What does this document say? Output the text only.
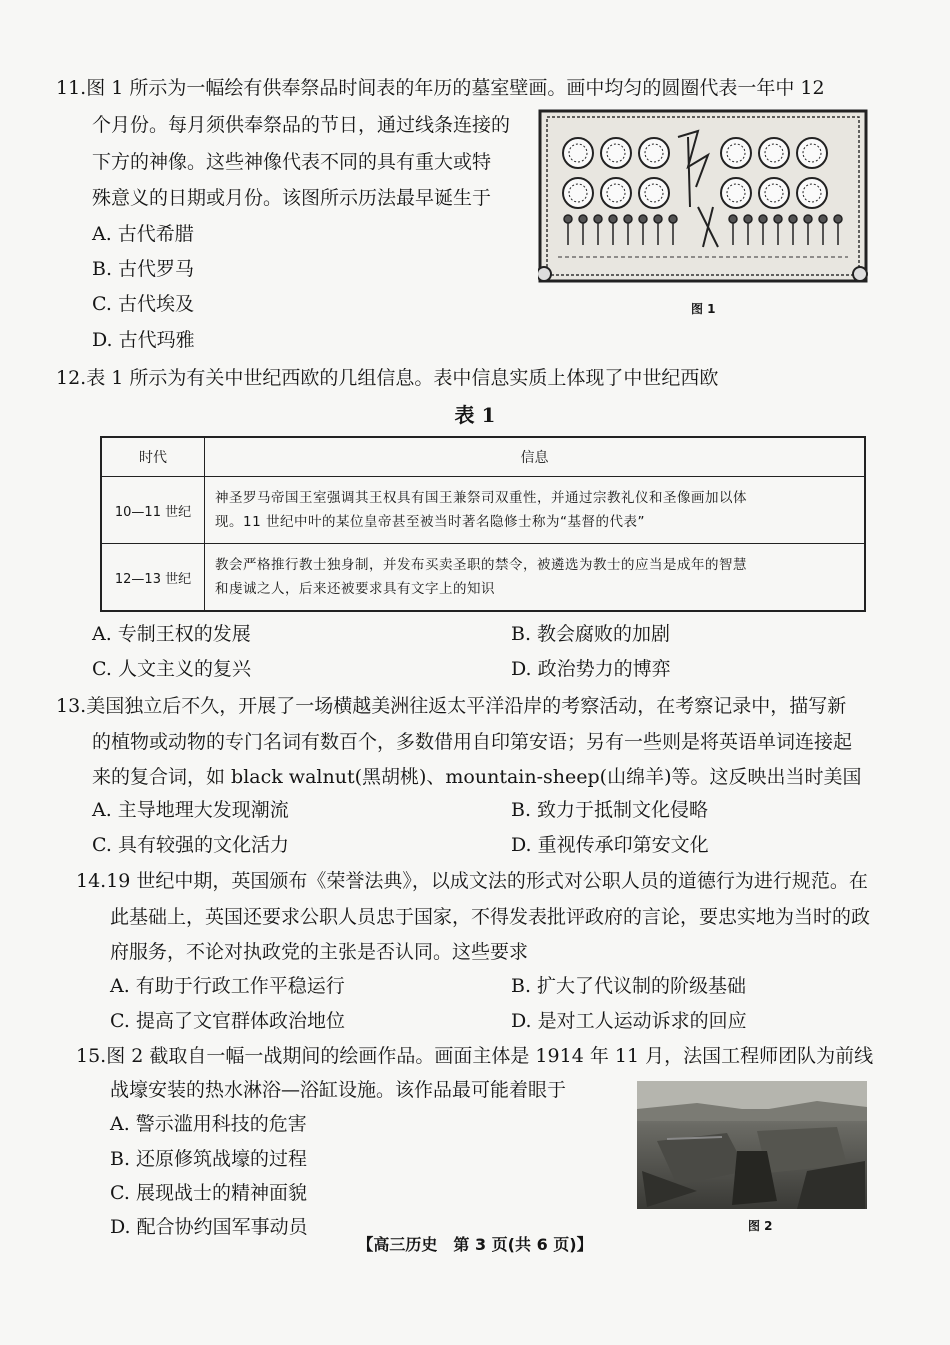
11.图 1 所示为一幅绘有供奉祭品时间表的年历的墓室壁画。画中均匀的圆圈代表一年中 12
个月份。每月须供奉祭品的节日，通过线条连接的
下方的神像。这些神像代表不同的具有重大或特
殊意义的日期或月份。该图所示历法最早诞生于
A. 古代希腊
B. 古代罗马
C. 古代埃及
D. 古代玛雅
图 1
12.表 1 所示为有关中世纪西欧的几组信息。表中信息实质上体现了中世纪西欧
表 1
时代	信息
10—11 世纪	神圣罗马帝国王室强调其王权具有国王兼祭司双重性，并通过宗教礼仪和圣像画加以体
现。11 世纪中叶的某位皇帝甚至被当时著名隐修士称为“基督的代表”

12—13 世纪	教会严格推行教士独身制，并发布买卖圣职的禁令，被遴选为教士的应当是成年的智慧
和虔诚之人，后来还被要求具有文字上的知识
A. 专制王权的发展	B. 教会腐败的加剧
C. 人文主义的复兴	D. 政治势力的博弈
13.美国独立后不久，开展了一场横越美洲往返太平洋沿岸的考察活动，在考察记录中，描写新
的植物或动物的专门名词有数百个，多数借用自印第安语；另有一些则是将英语单词连接起
来的复合词，如 black walnut(黑胡桃)、mountain-sheep(山绵羊)等。这反映出当时美国
A. 主导地理大发现潮流	B. 致力于抵制文化侵略
C. 具有较强的文化活力	D. 重视传承印第安文化
14.19 世纪中期，英国颁布《荣誉法典》，以成文法的形式对公职人员的道德行为进行规范。在
此基础上，英国还要求公职人员忠于国家，不得发表批评政府的言论，要忠实地为当时的政
府服务，不论对执政党的主张是否认同。这些要求
A. 有助于行政工作平稳运行	B. 扩大了代议制的阶级基础
C. 提高了文官群体政治地位	D. 是对工人运动诉求的回应
15.图 2 截取自一幅一战期间的绘画作品。画面主体是 1914 年 11 月，法国工程师团队为前线
战壕安装的热水淋浴—浴缸设施。该作品最可能着眼于
A. 警示滥用科技的危害
B. 还原修筑战壕的过程
C. 展现战士的精神面貌
D. 配合协约国军事动员	图 2
【高三历史　第 3 页(共 6 页)】
